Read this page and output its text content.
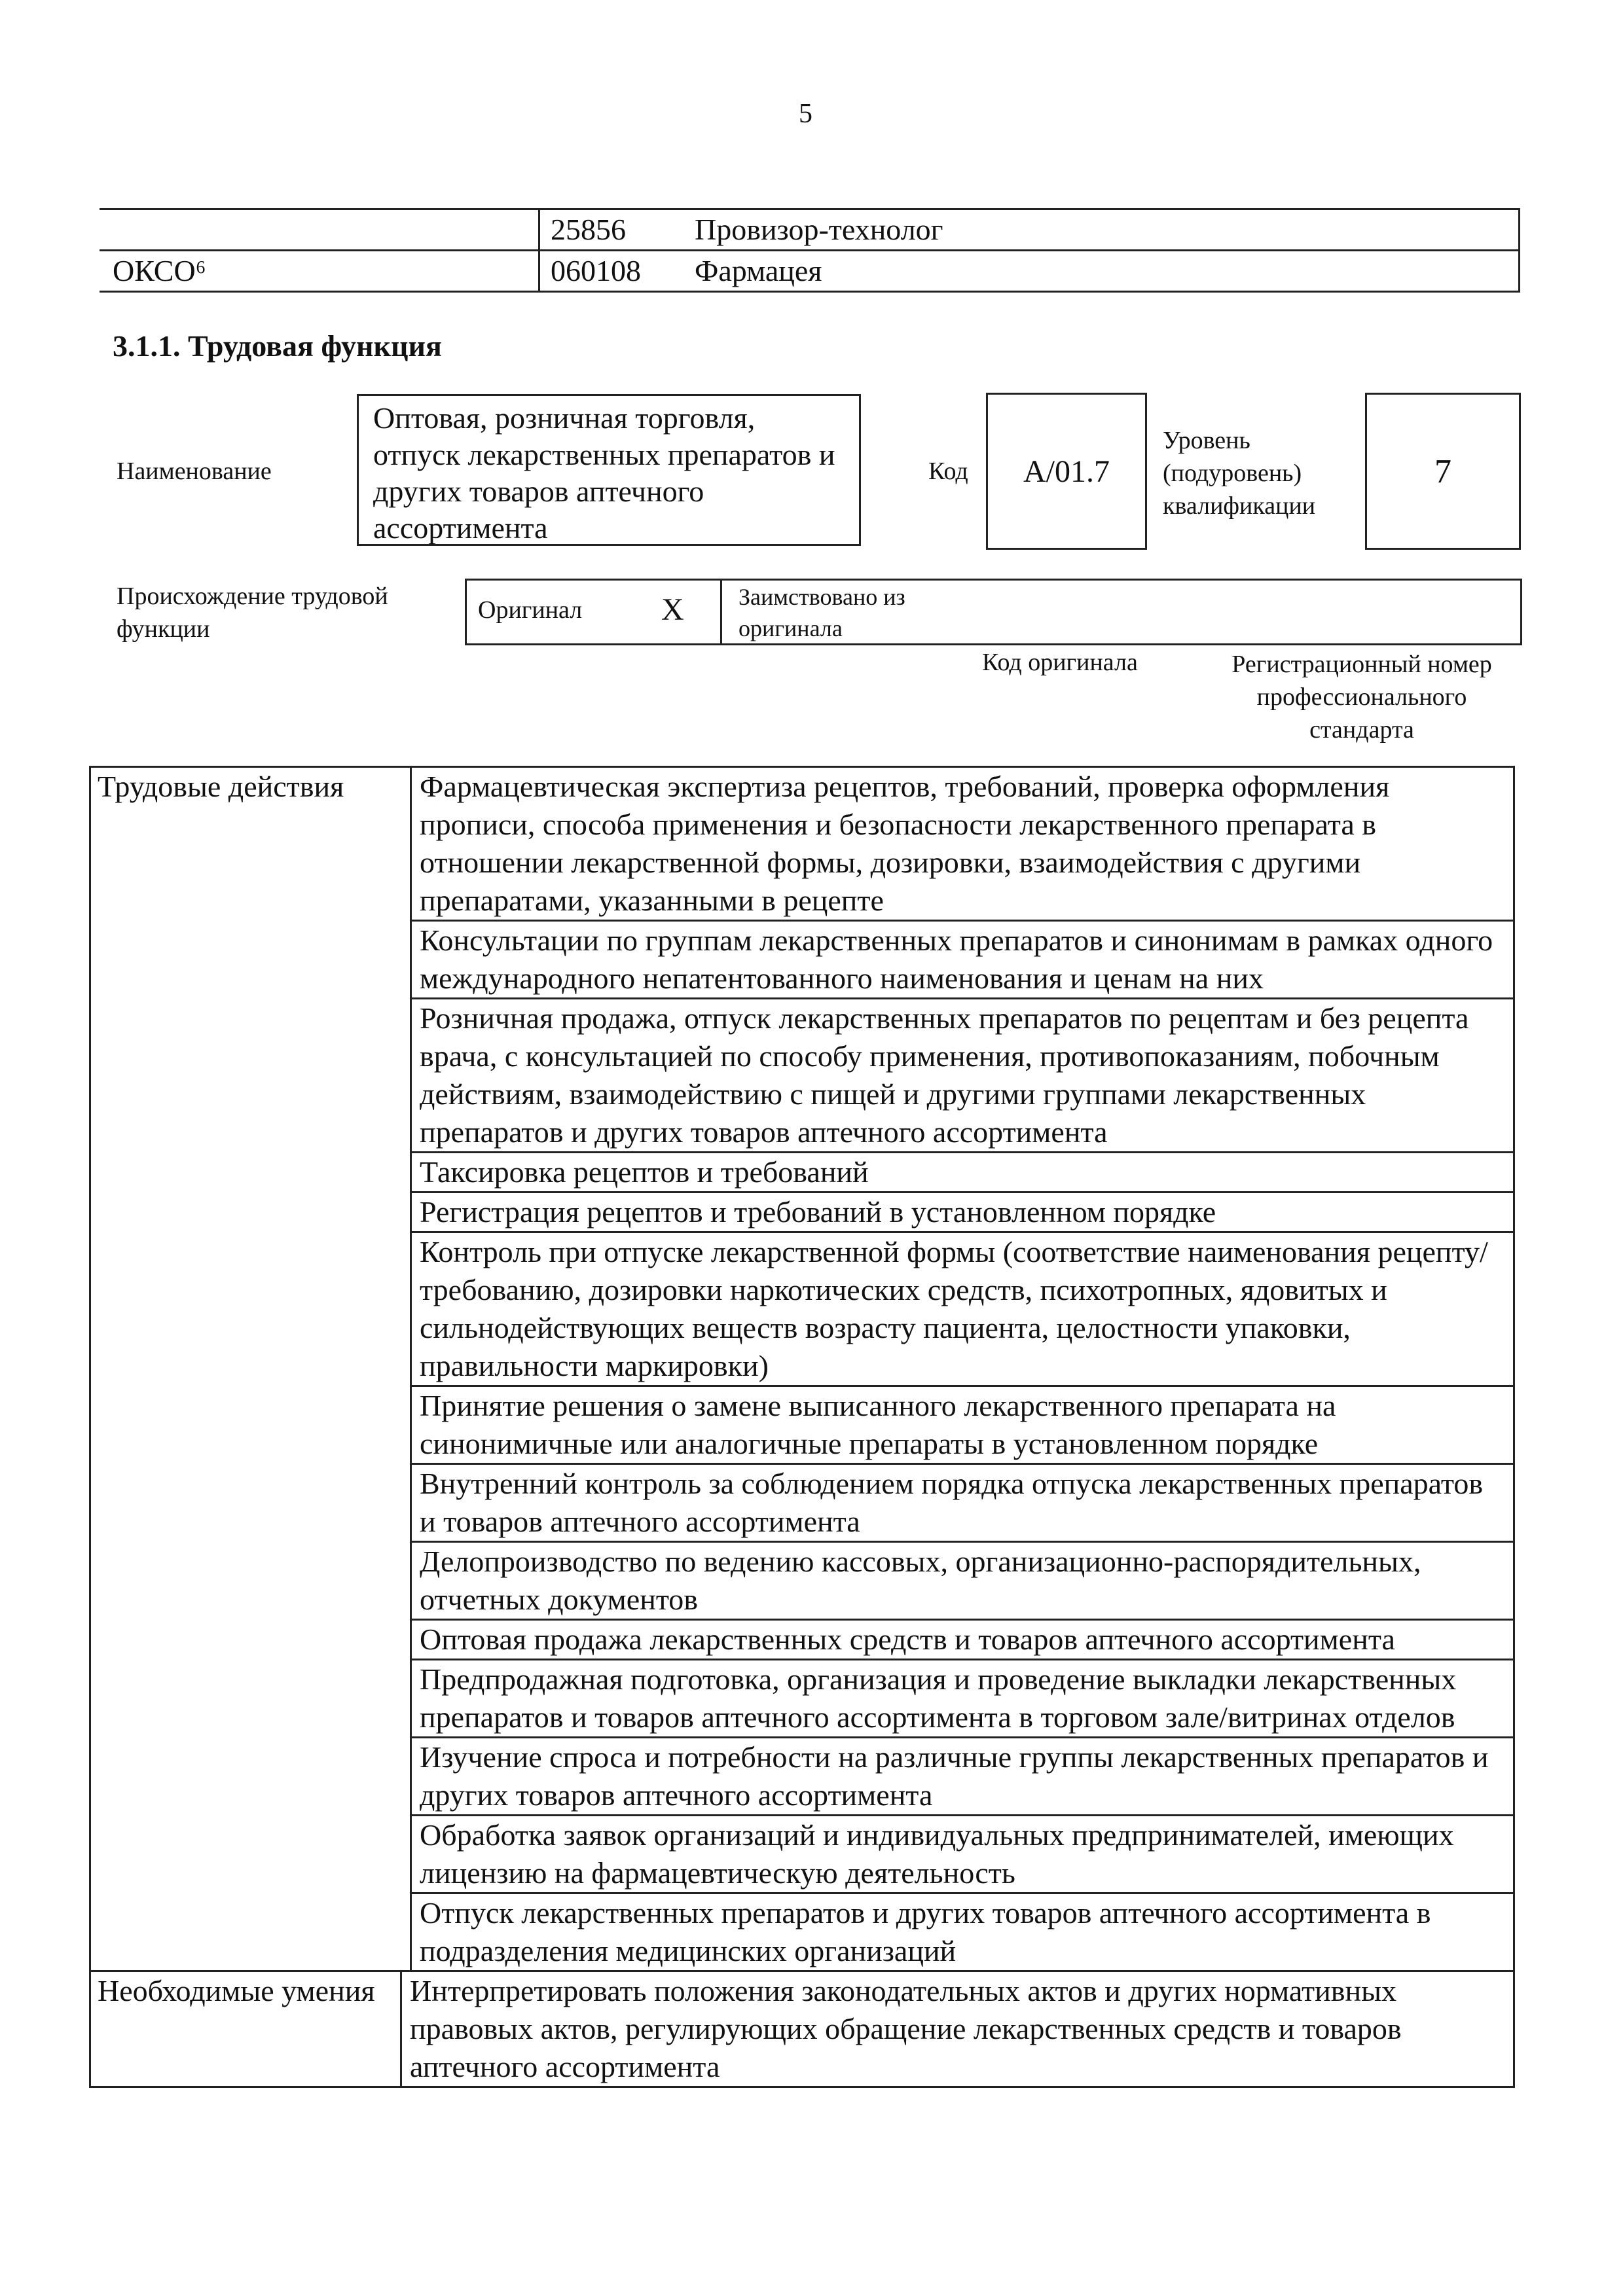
5
	25856	Провизор-технолог
ОКСО⁶	060108	Фармацея
3.1.1. Трудовая функция
Наименование
Оптовая, розничная торговля, отпуск лекарственных препаратов и других товаров аптечного ассортимента
Код	A/01.7
Уровень (подуровень) квалификации
7
Происхождение трудовой функции
Оригинал	X Заимствовано из оригинала
Код оригинала	Регистрационный номер профессионального стандарта
Трудовые действия	Фармацевтическая экспертиза рецептов, требований, проверка оформления прописи, способа применения и безопасности лекарственного препарата в отношении лекарственной формы, дозировки, взаимодействия с другими препаратами, указанными в рецепте
Консультации по группам лекарственных препаратов и синонимам в рамках одного международного непатентованного наименования и ценам на них
Розничная продажа, отпуск лекарственных препаратов по рецептам и без рецепта врача, с консультацией по способу применения, противопоказаниям, побочным действиям, взаимодействию с пищей и другими группами лекарственных препаратов и других товаров аптечного ассортимента
Таксировка рецептов и требований
Регистрация рецептов и требований в установленном порядке
Контроль при отпуске лекарственной формы (соответствие наименования рецепту/требованию, дозировки наркотических средств, психотропных, ядовитых и сильнодействующих веществ возрасту пациента, целостности упаковки, правильности маркировки)
Принятие решения о замене выписанного лекарственного препарата на синонимичные или аналогичные препараты в установленном порядке
Внутренний контроль за соблюдением порядка отпуска лекарственных препаратов и товаров аптечного ассортимента
Делопроизводство по ведению кассовых, организационно-распорядительных, отчетных документов
Оптовая продажа лекарственных средств и товаров аптечного ассортимента
Предпродажная подготовка, организация и проведение выкладки лекарственных препаратов и товаров аптечного ассортимента в торговом зале/витринах отделов
Изучение спроса и потребности на различные группы лекарственных препаратов и других товаров аптечного ассортимента
Обработка заявок организаций и индивидуальных предпринимателей, имеющих лицензию на фармацевтическую деятельность
Отпуск лекарственных препаратов и других товаров аптечного ассортимента в подразделения медицинских организаций
Необходимые умения	Интерпретировать положения законодательных актов и других нормативных правовых актов, регулирующих обращение лекарственных средств и товаров аптечного ассортимента
